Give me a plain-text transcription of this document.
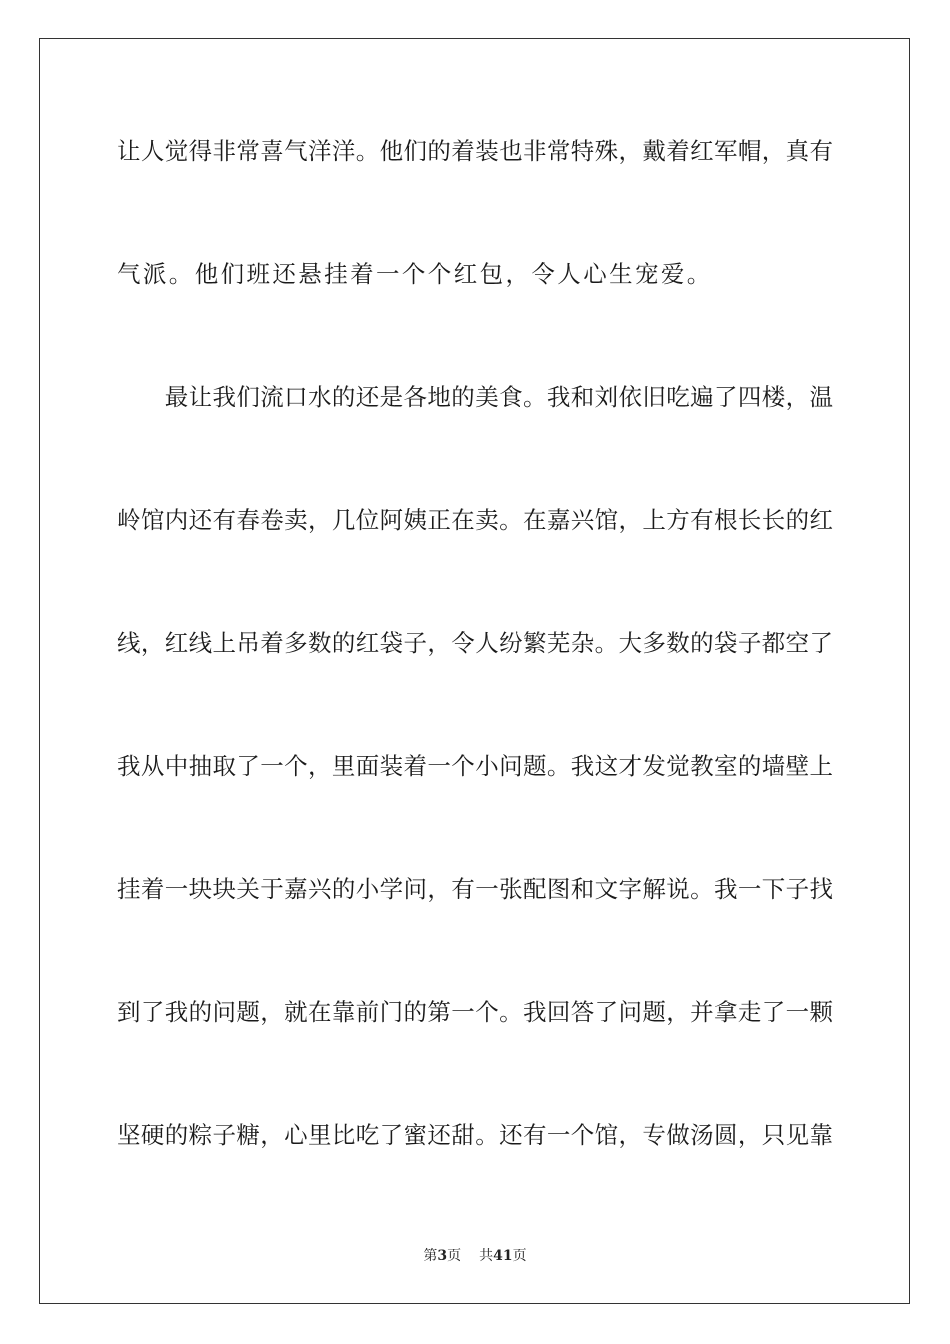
让人觉得非常喜气洋洋。他们的着装也非常特殊，戴着红军帽，真有
气派。他们班还悬挂着一个个红包，令人心生宠爱。
　　最让我们流口水的还是各地的美食。我和刘依旧吃遍了四楼，温
岭馆内还有春卷卖，几位阿姨正在卖。在嘉兴馆，上方有根长长的红
线，红线上吊着多数的红袋子，令人纷繁芜杂。大多数的袋子都空了
我从中抽取了一个，里面装着一个小问题。我这才发觉教室的墙壁上
挂着一块块关于嘉兴的小学问，有一张配图和文字解说。我一下子找
到了我的问题，就在靠前门的第一个。我回答了问题，并拿走了一颗
坚硬的粽子糖，心里比吃了蜜还甜。还有一个馆，专做汤圆，只见靠
第3页 共41页
